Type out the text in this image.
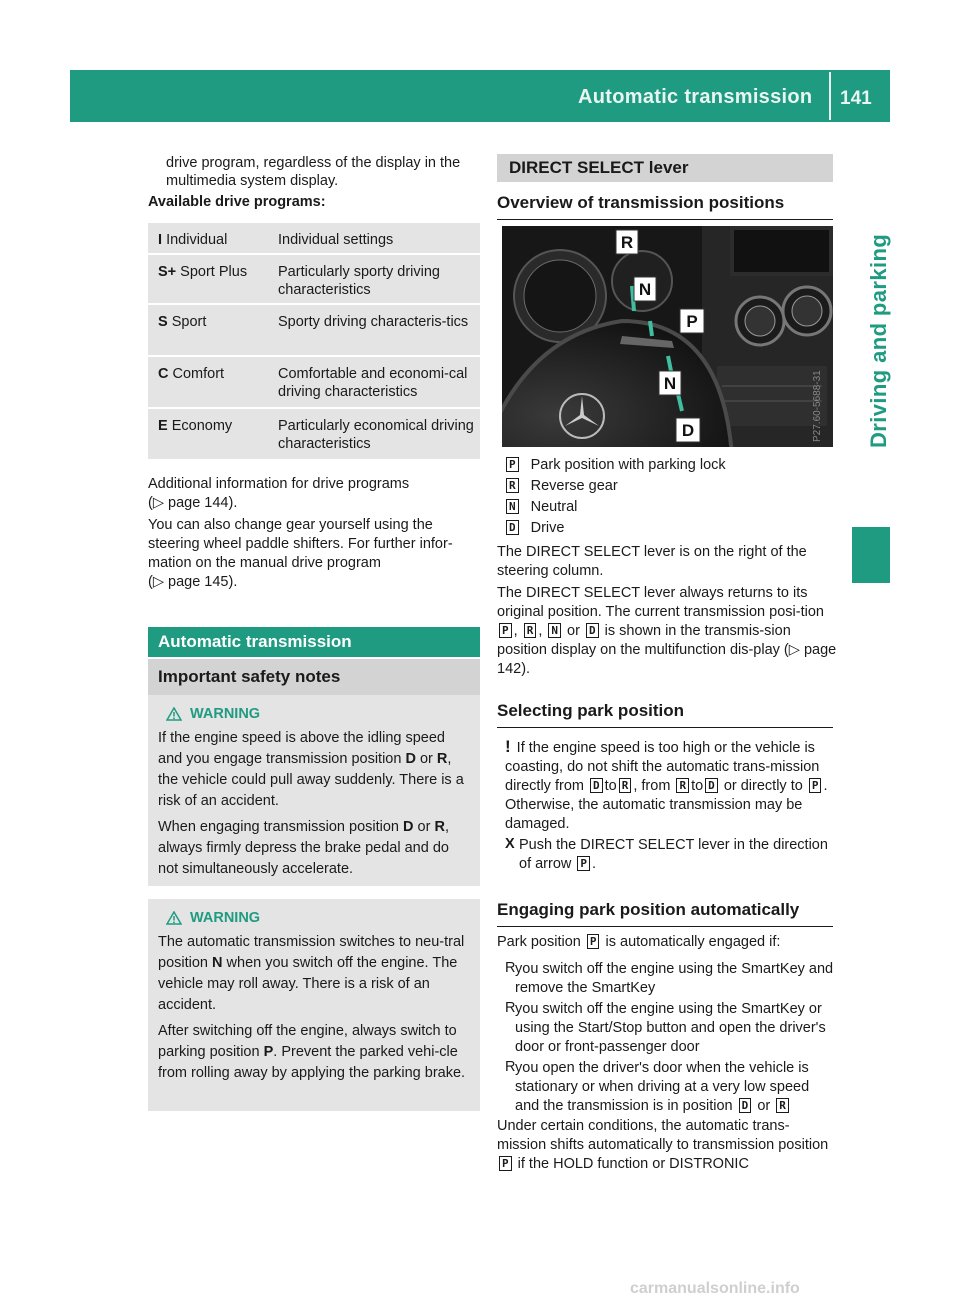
Automatic transmission 141
Driving and parking

drive program, regardless of the display in the multimedia system display.

Available drive programs:

I Individual	Individual settings
S+ Sport Plus	Particularly sporty driving characteristics
S Sport	Sporty driving characteris-tics
C Comfort	Comfortable and economi-cal driving characteristics
E Economy	Particularly economical driving characteristics

Additional information for drive programs

(▷ page 144).

You can also change gear yourself using the steering wheel paddle shifters. For further infor-mation on the manual drive program

(▷ page 145).

Automatic transmission
Important safety notes
WARNING

If the engine speed is above the idling speed and you engage transmission position D or R, the vehicle could pull away suddenly. There is a risk of an accident.

When engaging transmission position D or R, always firmly depress the brake pedal and do not simultaneously accelerate.

WARNING

The automatic transmission switches to neu-tral position N when you switch off the engine. The vehicle may roll away. There is a risk of an accident.

After switching off the engine, always switch to parking position P. Prevent the parked vehi-cle from rolling away by applying the parking brake.

DIRECT SELECT lever
Overview of transmission positions
R
N
P
N
D	P27.60-5688-31
P Park position with parking lock
R Reverse gear
N Neutral
D Drive

The DIRECT SELECT lever is on the right of the steering column.

The DIRECT SELECT lever always returns to its original position. The current transmission posi-tion P , R , N or D is shown in the transmis-sion position display on the multifunction dis-play (▷ page 142).

Selecting park position

! If the engine speed is too high or the vehicle is coasting, do not shift the automatic trans-mission directly from D to R , from R to D or directly to P . Otherwise, the automatic transmission may be damaged.

X Push the DIRECT SELECT lever in the direction of arrow P .

Engaging park position automatically

Park position P is automatically engaged if:

R you switch off the engine using the SmartKey and remove the SmartKey

R you switch off the engine using the SmartKey or using the Start/Stop button and open the driver's door or front-passenger door

R you open the driver's door when the vehicle is stationary or when driving at a very low speed and the transmission is in position D or R

Under certain conditions, the automatic trans-mission shifts automatically to transmission position P if the HOLD function or DISTRONIC

carmanualsonline.info
